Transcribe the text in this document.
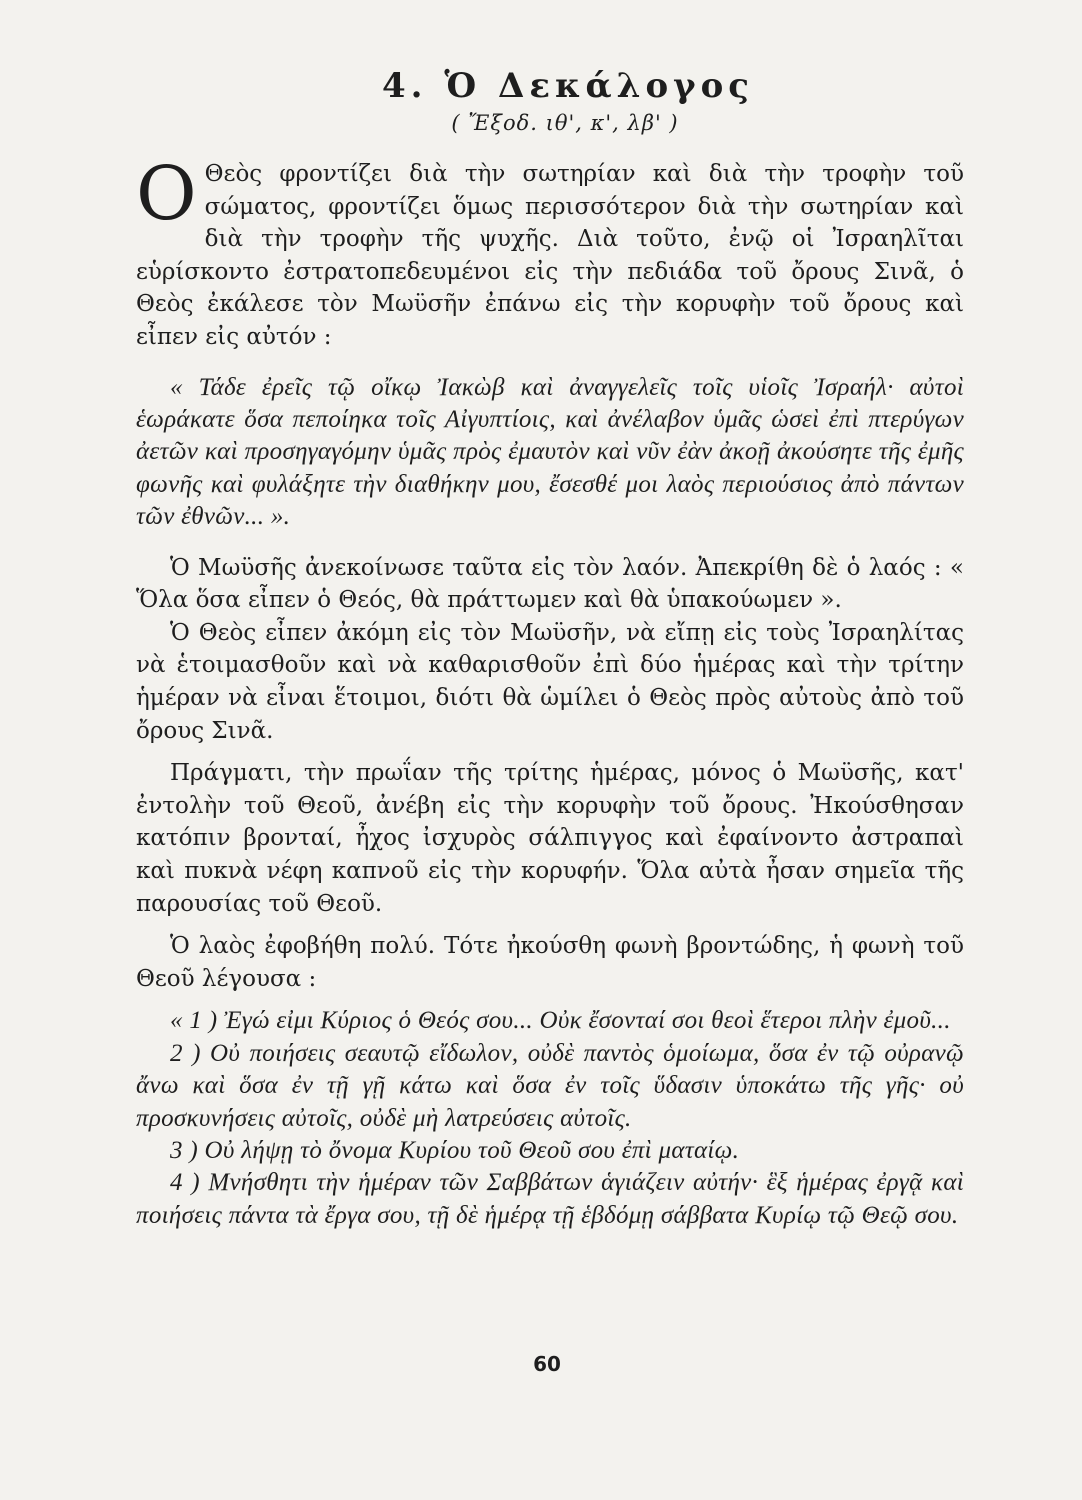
4. Ὁ Δεκάλογος
( Ἔξοδ. ιθ', κ', λβ' )

Ο Θεὸς φροντίζει διὰ τὴν σωτηρίαν καὶ διὰ τὴν τροφὴν τοῦ σώματος, φροντίζει ὅμως περισσότερον διὰ τὴν σωτηρίαν καὶ διὰ τὴν τροφὴν τῆς ψυχῆς. Διὰ τοῦτο, ἐνῷ οἱ Ἰσραηλῖται εὑρίσκοντο ἐστρατοπεδευμένοι εἰς τὴν πεδιάδα τοῦ ὄρους Σινᾶ, ὁ Θεὸς ἐκάλεσε τὸν Μωϋσῆν ἐπάνω εἰς τὴν κορυφὴν τοῦ ὄρους καὶ εἶπεν εἰς αὐτόν :

« Τάδε ἐρεῖς τῷ οἴκῳ Ἰακὼβ καὶ ἀναγγελεῖς τοῖς υἱοῖς Ἰσραήλ· αὐτοὶ ἑωράκατε ὅσα πεποίηκα τοῖς Αἰγυπτίοις, καὶ ἀνέλαβον ὑμᾶς ὡσεὶ ἐπὶ πτερύγων ἀετῶν καὶ προσηγαγόμην ὑμᾶς πρὸς ἐμαυτὸν καὶ νῦν ἐὰν ἀκοῇ ἀκούσητε τῆς ἐμῆς φωνῆς καὶ φυλάξητε τὴν διαθήκην μου, ἔσεσθέ μοι λαὸς περιούσιος ἀπὸ πάντων τῶν ἐθνῶν... ».

Ὁ Μωϋσῆς ἀνεκοίνωσε ταῦτα εἰς τὸν λαόν. Ἀπεκρίθη δὲ ὁ λαός : « Ὅλα ὅσα εἶπεν ὁ Θεός, θὰ πράττωμεν καὶ θὰ ὑπακούωμεν ».

Ὁ Θεὸς εἶπεν ἀκόμη εἰς τὸν Μωϋσῆν, νὰ εἴπῃ εἰς τοὺς Ἰσραηλίτας νὰ ἑτοιμασθοῦν καὶ νὰ καθαρισθοῦν ἐπὶ δύο ἡμέρας καὶ τὴν τρίτην ἡμέραν νὰ εἶναι ἕτοιμοι, διότι θὰ ὡμίλει ὁ Θεὸς πρὸς αὐτοὺς ἀπὸ τοῦ ὄρους Σινᾶ.

Πράγματι, τὴν πρωΐαν τῆς τρίτης ἡμέρας, μόνος ὁ Μωϋσῆς, κατ' ἐντολὴν τοῦ Θεοῦ, ἀνέβη εἰς τὴν κορυφὴν τοῦ ὄρους. Ἠκούσθησαν κατόπιν βρονταί, ἦχος ἰσχυρὸς σάλπιγγος καὶ ἐφαίνοντο ἀστραπαὶ καὶ πυκνὰ νέφη καπνοῦ εἰς τὴν κορυφήν. Ὅλα αὐτὰ ἦσαν σημεῖα τῆς παρουσίας τοῦ Θεοῦ.

Ὁ λαὸς ἐφοβήθη πολύ. Τότε ἠκούσθη φωνὴ βροντώδης, ἡ φωνὴ τοῦ Θεοῦ λέγουσα :

« 1 ) Ἐγώ εἰμι Κύριος ὁ Θεός σου... Οὐκ ἔσονταί σοι θεοὶ ἕτεροι πλὴν ἐμοῦ...

2 ) Οὐ ποιήσεις σεαυτῷ εἴδωλον, οὐδὲ παντὸς ὁμοίωμα, ὅσα ἐν τῷ οὐρανῷ ἄνω καὶ ὅσα ἐν τῇ γῇ κάτω καὶ ὅσα ἐν τοῖς ὕδασιν ὑποκάτω τῆς γῆς· οὐ προσκυνήσεις αὐτοῖς, οὐδὲ μὴ λατρεύσεις αὐτοῖς.

3 ) Οὐ λήψῃ τὸ ὄνομα Κυρίου τοῦ Θεοῦ σου ἐπὶ ματαίῳ.

4 ) Μνήσθητι τὴν ἡμέραν τῶν Σαββάτων ἁγιάζειν αὐτήν· ἓξ ἡμέρας ἐργᾷ καὶ ποιήσεις πάντα τὰ ἔργα σου, τῇ δὲ ἡμέρᾳ τῇ ἑβδόμῃ σάββατα Κυρίῳ τῷ Θεῷ σου.

60
